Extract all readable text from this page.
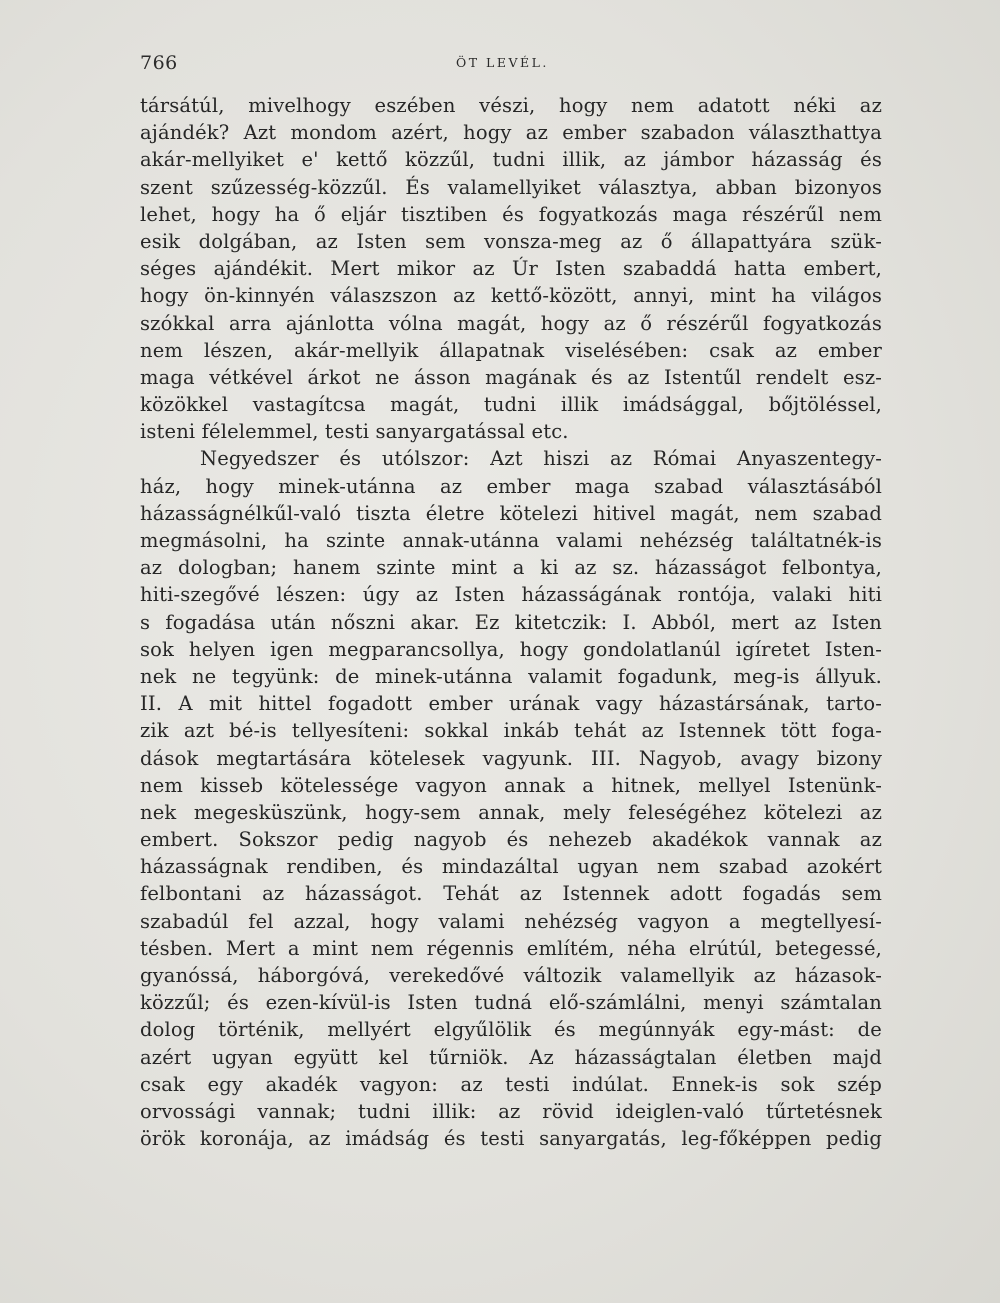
766	ÖT LEVÉL.
társátúl, mivelhogy eszében vészi, hogy nem adatott néki az
ajándék? Azt mondom azért, hogy az ember szabadon választhattya
akár-mellyiket e' kettő közzűl, tudni illik, az jámbor házasság és
szent szűzesség-közzűl. És valamellyiket választya, abban bizonyos
lehet, hogy ha ő eljár tisztiben és fogyatkozás maga részérűl nem
esik dolgában, az Isten sem vonsza-meg az ő állapattyára szük-
séges ajándékit. Mert mikor az Úr Isten szabaddá hatta embert,
hogy ön-kinnyén válaszszon az kettő-között, annyi, mint ha világos
szókkal arra ajánlotta vólna magát, hogy az ő részérűl fogyatkozás
nem lészen, akár-mellyik állapatnak viselésében: csak az ember
maga vétkével árkot ne ásson magának és az Istentűl rendelt esz-
közökkel vastagítcsa magát, tudni illik imádsággal, bőjtöléssel,
isteni félelemmel, testi sanyargatással etc.
Negyedszer és utólszor: Azt hiszi az Római Anyaszentegy-
ház, hogy minek-utánna az ember maga szabad választásából
házasságnélkűl-való tiszta életre kötelezi hitivel magát, nem szabad
megmásolni, ha szinte annak-utánna valami nehézség találtatnék-is
az dologban; hanem szinte mint a ki az sz. házasságot felbontya,
hiti-szegővé lészen: úgy az Isten házasságának rontója, valaki hiti
s fogadása után nőszni akar. Ez kitetczik: I. Abból, mert az Isten
sok helyen igen megparancsollya, hogy gondolatlanúl igíretet Isten-
nek ne tegyünk: de minek-utánna valamit fogadunk, meg-is állyuk.
II. A mit hittel fogadott ember urának vagy házastársának, tarto-
zik azt bé-is tellyesíteni: sokkal inkáb tehát az Istennek tött foga-
dások megtartására kötelesek vagyunk. III. Nagyob, avagy bizony
nem kisseb kötelessége vagyon annak a hitnek, mellyel Istenünk-
nek megesküszünk, hogy-sem annak, mely feleségéhez kötelezi az
embert. Sokszor pedig nagyob és nehezeb akadékok vannak az
házasságnak rendiben, és mindazáltal ugyan nem szabad azokért
felbontani az házasságot. Tehát az Istennek adott fogadás sem
szabadúl fel azzal, hogy valami nehézség vagyon a megtellyesí-
tésben. Mert a mint nem régennis említém, néha elrútúl, betegessé,
gyanóssá, háborgóvá, verekedővé változik valamellyik az házasok-
közzűl; és ezen-kívül-is Isten tudná elő-számlálni, menyi számtalan
dolog történik, mellyért elgyűlölik és megúnnyák egy-mást: de
azért ugyan együtt kel tűrniök. Az házasságtalan életben majd
csak egy akadék vagyon: az testi indúlat. Ennek-is sok szép
orvossági vannak; tudni illik: az rövid ideiglen-való tűrtetésnek
örök koronája, az imádság és testi sanyargatás, leg-főképpen pedig
